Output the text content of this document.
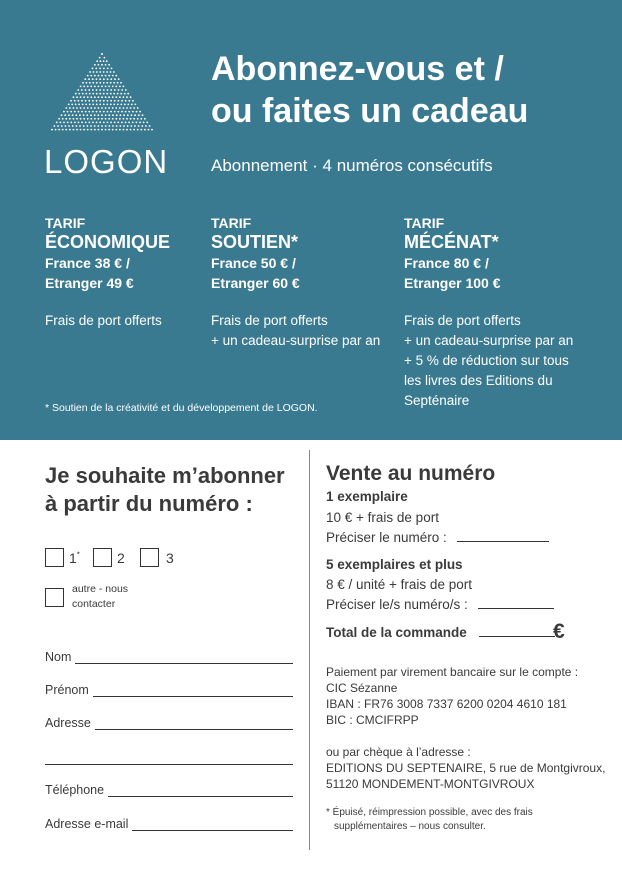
LOGON
Abonnez-vous et /
ou faites un cadeau
Abonnement · 4 numéros consécutifs
TARIF
ÉCONOMIQUE
France 38 € /
Etranger 49 €
Frais de port offerts
TARIF
SOUTIEN*
France 50 € /
Etranger 60 €
Frais de port offerts
+ un cadeau-surprise par an
TARIF
MÉCÉNAT*
France 80 € /
Etranger 100 €
Frais de port offerts
+ un cadeau-surprise par an
+ 5 % de réduction sur tous
les livres des Editions du
Septénaire
* Soutien de la créativité et du développement de LOGON.
Je souhaite m’abonner
à partir du numéro :
1*	2	3
autre - nous
contacter
Nom
Prénom
Adresse
Téléphone
Adresse e-mail
Vente au numéro
1 exemplaire
10 € + frais de port
Préciser le numéro :
5 exemplaires et plus
8 € / unité + frais de port
Préciser le/s numéro/s :
Total de la commande	€
Paiement par virement bancaire sur le compte :
CIC Sézanne
IBAN : FR76 3008 7337 6200 0204 4610 181
BIC : CMCIFRPP
ou par chèque à l’adresse :
EDITIONS DU SEPTENAIRE, 5 rue de Montgivroux,
51120 MONDEMENT-MONTGIVROUX
* Épuisé, réimpression possible, avec des frais
supplémentaires – nous consulter.
